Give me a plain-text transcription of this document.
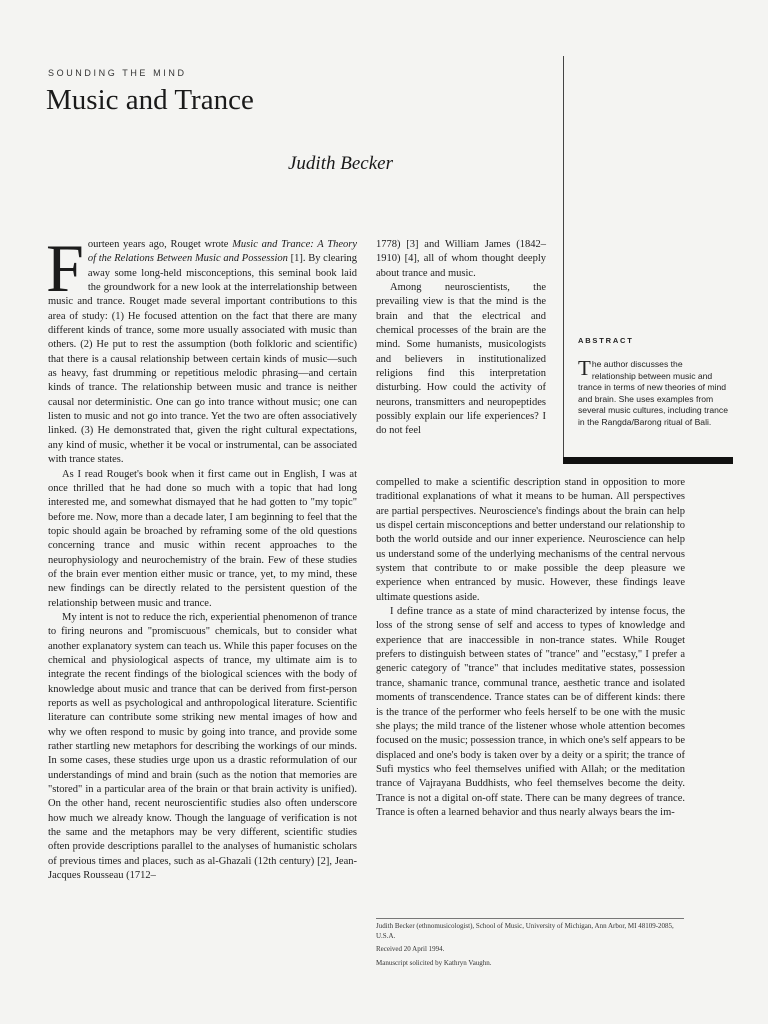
SOUNDING THE MIND
Music and Trance
Judith Becker
ABSTRACT
The author discusses the relationship between music and trance in terms of new theories of mind and brain. She uses examples from several music cultures, including trance in the Rangda/Barong ritual of Bali.

Fourteen years ago, Rouget wrote Music and Trance: A Theory of the Relations Between Music and Possession [1]. By clearing away some long-held misconceptions, this seminal book laid the groundwork for a new look at the interrelationship between music and trance. Rouget made several important contributions to this area of study: (1) He focused attention on the fact that there are many different kinds of trance, some more usually associated with music than others. (2) He put to rest the assumption (both folkloric and scientific) that there is a causal relationship between certain kinds of music—such as heavy, fast drumming or repetitious melodic phrasing—and certain kinds of trance. The relationship between music and trance is neither causal nor deterministic. One can go into trance without music; one can listen to music and not go into trance. Yet the two are often associatively linked. (3) He demonstrated that, given the right cultural expectations, any kind of music, whether it be vocal or instrumental, can be associated with trance states.

As I read Rouget's book when it first came out in English, I was at once thrilled that he had done so much with a topic that had long interested me, and somewhat dismayed that he had gotten to "my topic" before me. Now, more than a decade later, I am beginning to feel that the topic should again be broached by reframing some of the old questions concerning trance and music within recent approaches to the neurophysiology and neurochemistry of the brain. Few of these studies of the brain ever mention either music or trance, yet, to my mind, these new findings can be directly related to the persistent question of the relationship between music and trance.

My intent is not to reduce the rich, experiential phenomenon of trance to firing neurons and "promiscuous" chemicals, but to consider what another explanatory system can teach us. While this paper focuses on the chemical and physiological aspects of trance, my ultimate aim is to integrate the recent findings of the biological sciences with the body of knowledge about music and trance that can be derived from first-person reports as well as psychological and anthropological literature. Scientific literature can contribute some striking new mental images of how and why we often respond to music by going into trance, and provide some rather startling new metaphors for describing the workings of our minds. In some cases, these studies urge upon us a drastic reformulation of our understandings of mind and brain (such as the notion that memories are "stored" in a particular area of the brain or that brain activity is unified). On the other hand, recent neuroscientific studies also often underscore how much we already know. Though the language of verification is not the same and the metaphors may be very different, scientific studies often provide descriptions parallel to the analyses of humanistic scholars of previous times and places, such as al-Ghazali (12th century) [2], Jean-Jacques Rousseau (1712–

1778) [3] and William James (1842–1910) [4], all of whom thought deeply about trance and music.

Among neuroscientists, the prevailing view is that the mind is the brain and that the electrical and chemical processes of the brain are the mind. Some humanists, musicologists and believers in institutionalized religions find this interpretation disturbing. How could the activity of neurons, transmitters and neuropeptides possibly explain our life experiences? I do not feel

compelled to make a scientific description stand in opposition to more traditional explanations of what it means to be human. All perspectives are partial perspectives. Neuroscience's findings about the brain can help us dispel certain misconceptions and better understand our relationship to both the world outside and our inner experience. Neuroscience can help us understand some of the underlying mechanisms of the central nervous system that contribute to or make possible the deep pleasure we experience when entranced by music. However, these findings leave ultimate questions aside.

I define trance as a state of mind characterized by intense focus, the loss of the strong sense of self and access to types of knowledge and experience that are inaccessible in non-trance states. While Rouget prefers to distinguish between states of "trance" and "ecstasy," I prefer a generic category of "trance" that includes meditative states, possession trance, shamanic trance, communal trance, aesthetic trance and isolated moments of transcendence. Trance states can be of different kinds: there is the trance of the performer who feels herself to be one with the music she plays; the mild trance of the listener whose whole attention becomes focused on the music; possession trance, in which one's self appears to be displaced and one's body is taken over by a deity or a spirit; the trance of Sufi mystics who feel themselves unified with Allah; or the meditation trance of Vajrayana Buddhists, who feel themselves become the deity. Trance is not a digital on-off state. There can be many degrees of trance. Trance is often a learned behavior and thus nearly always bears the im-

Judith Becker (ethnomusicologist), School of Music, University of Michigan, Ann Arbor, MI 48109-2085, U.S.A.
Received 20 April 1994.
Manuscript solicited by Kathryn Vaughn.
